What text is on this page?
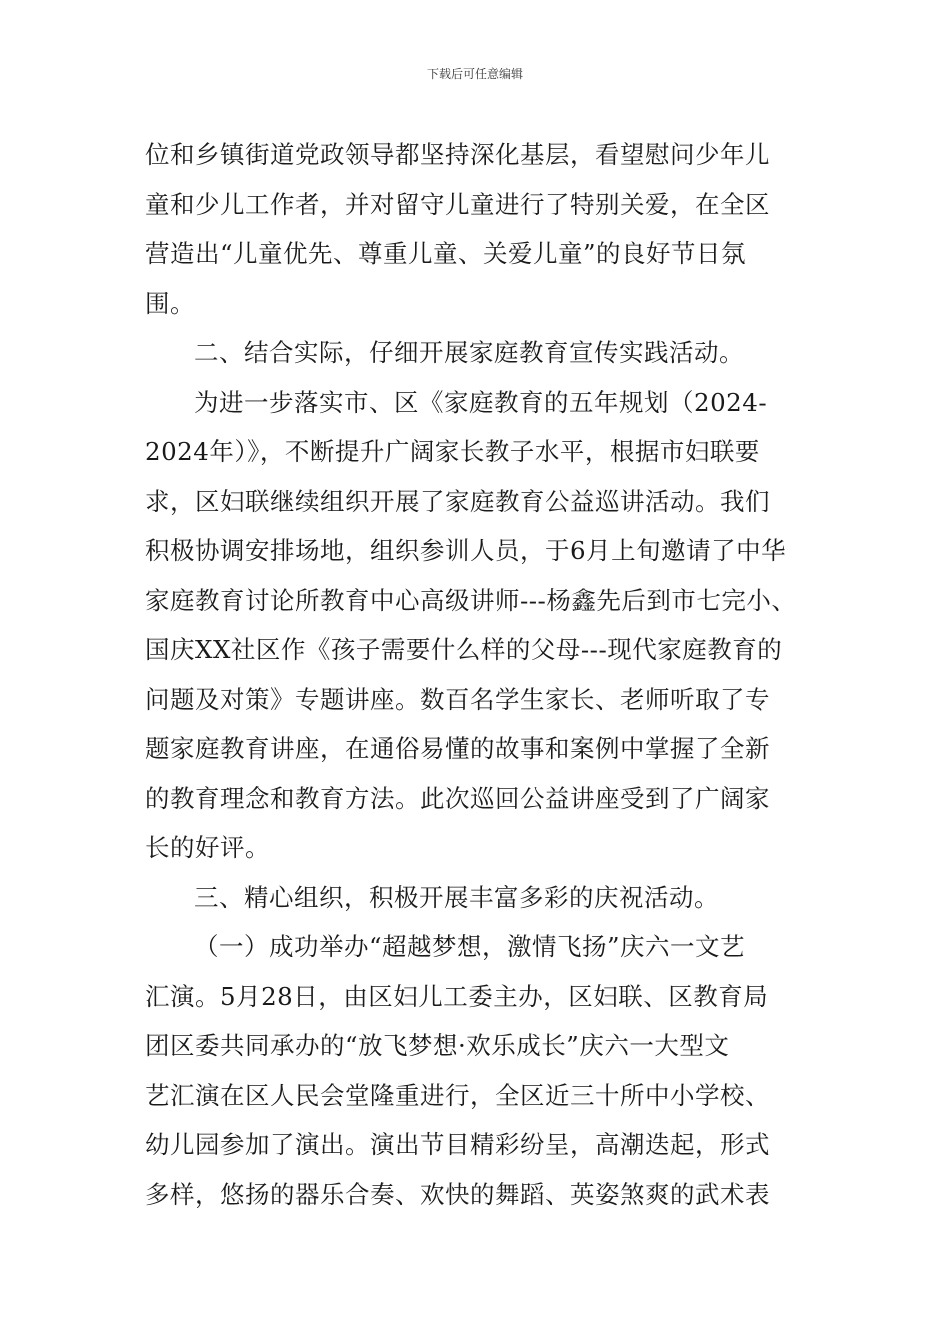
下载后可任意编辑
位和乡镇街道党政领导都坚持深化基层，看望慰问少年儿
童和少儿工作者，并对留守儿童进行了特别关爱，在全区
营造出“儿童优先、尊重儿童、关爱儿童”的良好节日氛
围。
二、结合实际，仔细开展家庭教育宣传实践活动。
为进一步落实市、区《家庭教育的五年规划（2024-
2024年）》，不断提升广阔家长教子水平，根据市妇联要
求，区妇联继续组织开展了家庭教育公益巡讲活动。我们
积极协调安排场地，组织参训人员，于6月上旬邀请了中华
家庭教育讨论所教育中心高级讲师---杨鑫先后到市七完小、
国庆XX社区作《孩子需要什么样的父母---现代家庭教育的
问题及对策》专题讲座。数百名学生家长、老师听取了专
题家庭教育讲座，在通俗易懂的故事和案例中掌握了全新
的教育理念和教育方法。此次巡回公益讲座受到了广阔家
长的好评。
三、精心组织，积极开展丰富多彩的庆祝活动。
（一）成功举办“超越梦想，激情飞扬”庆六一文艺
汇演。5月28日，由区妇儿工委主办，区妇联、区教育局
团区委共同承办的“放飞梦想·欢乐成长”庆六一大型文
艺汇演在区人民会堂隆重进行，全区近三十所中小学校、
幼儿园参加了演出。演出节目精彩纷呈，高潮迭起，形式
多样，悠扬的器乐合奏、欢快的舞蹈、英姿煞爽的武术表
